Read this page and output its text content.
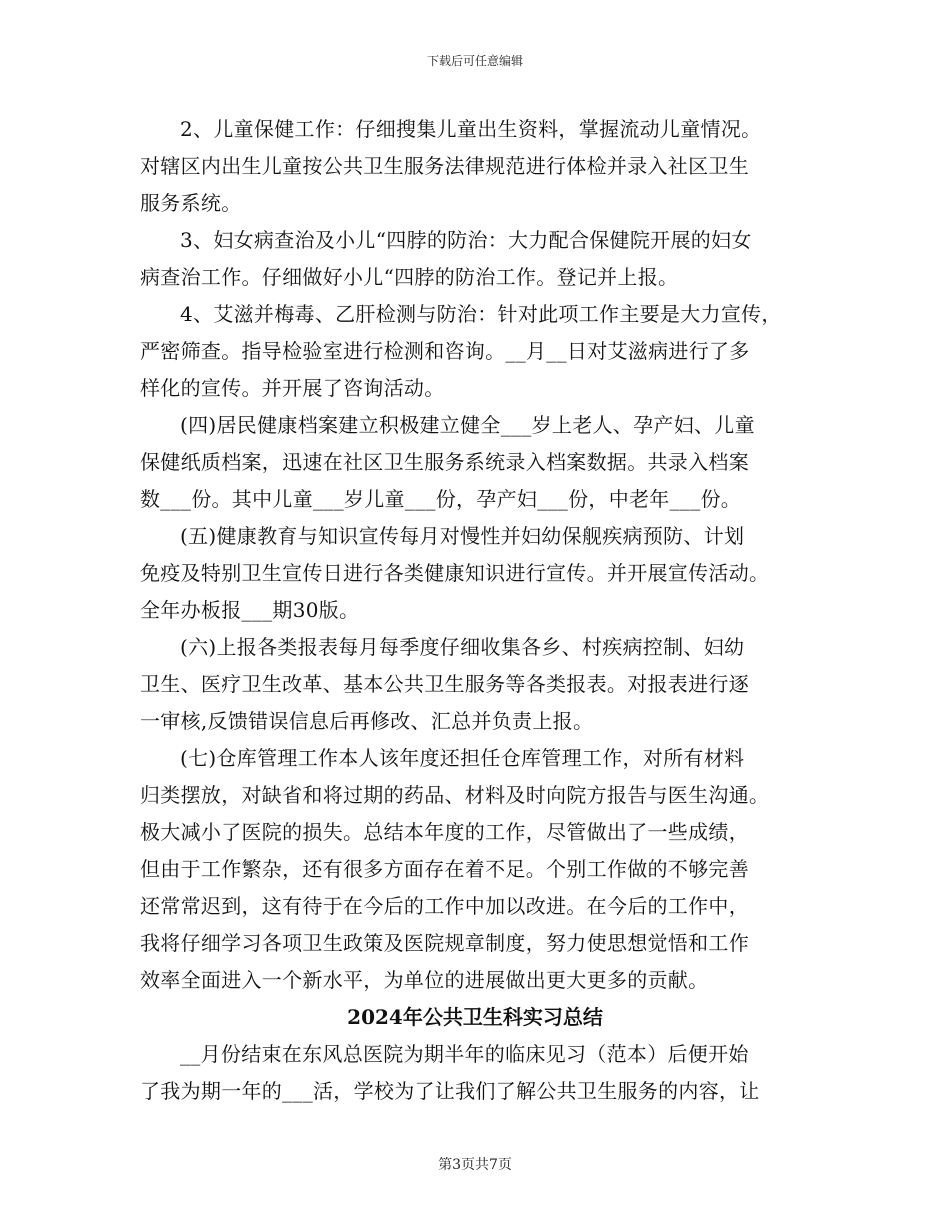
下载后可任意编辑

2、儿童保健工作：仔细搜集儿童出生资料，掌握流动儿童情况。
对辖区内出生儿童按公共卫生服务法律规范进行体检并录入社区卫生
服务系统。

3、妇女病查治及小儿“四脖的防治：大力配合保健院开展的妇女
病查治工作。仔细做好小儿“四脖的防治工作。登记并上报。

4、艾滋并梅毒、乙肝检测与防治：针对此项工作主要是大力宣传，
严密筛查。指导检验室进行检测和咨询。__月__日对艾滋病进行了多
样化的宣传。并开展了咨询活动。

(四)居民健康档案建立积极建立健全___岁上老人、孕产妇、儿童
保健纸质档案，迅速在社区卫生服务系统录入档案数据。共录入档案
数___份。其中儿童___岁儿童___份，孕产妇___份，中老年___份。

(五)健康教育与知识宣传每月对慢性并妇幼保舰疾病预防、计划
免疫及特别卫生宣传日进行各类健康知识进行宣传。并开展宣传活动。
全年办板报___期30版。

(六)上报各类报表每月每季度仔细收集各乡、村疾病控制、妇幼
卫生、医疗卫生改革、基本公共卫生服务等各类报表。对报表进行逐
一审核,反馈错误信息后再修改、汇总并负责上报。

(七)仓库管理工作本人该年度还担任仓库管理工作，对所有材料
归类摆放，对缺省和将过期的药品、材料及时向院方报告与医生沟通。
极大减小了医院的损失。总结本年度的工作，尽管做出了一些成绩，
但由于工作繁杂，还有很多方面存在着不足。个别工作做的不够完善
还常常迟到，这有待于在今后的工作中加以改进。在今后的工作中，
我将仔细学习各项卫生政策及医院规章制度，努力使思想觉悟和工作
效率全面进入一个新水平，为单位的进展做出更大更多的贡献。

2024年公共卫生科实习总结

__月份结束在东风总医院为期半年的临床见习（范本）后便开始
了我为期一年的___活，学校为了让我们了解公共卫生服务的内容，让

第3页共7页
